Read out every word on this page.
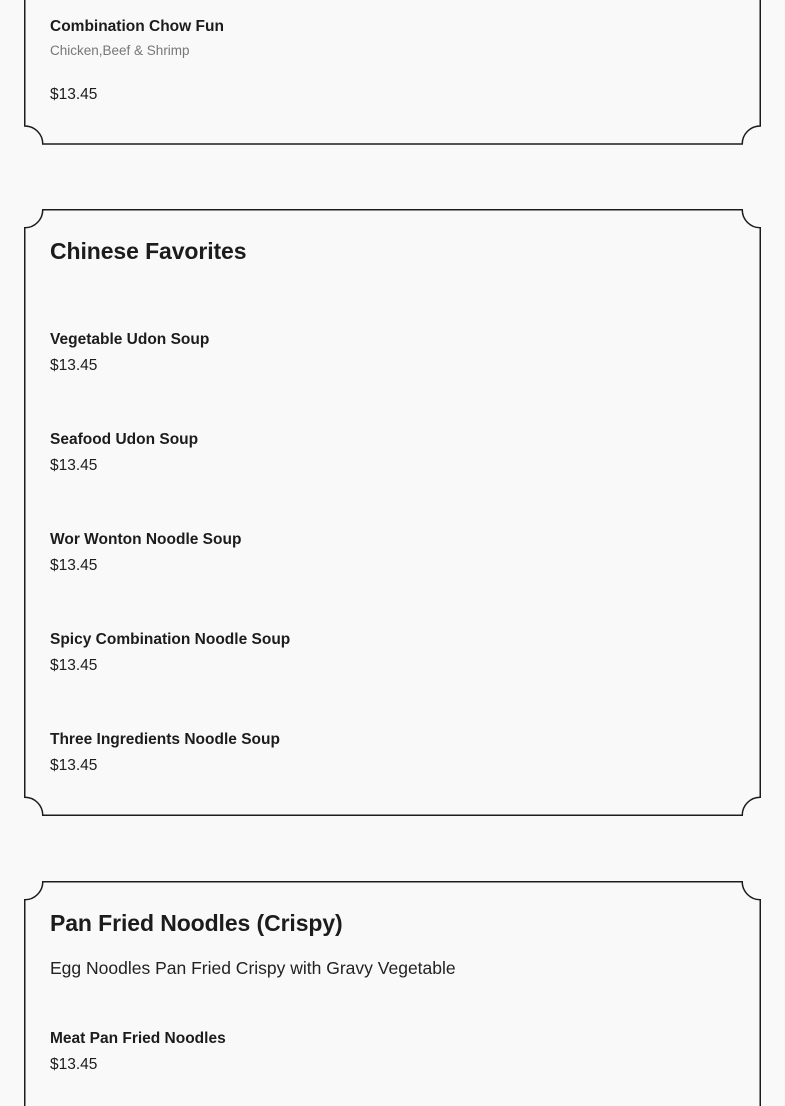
Combination Chow Fun
Chicken,Beef & Shrimp
$13.45
Chinese Favorites
Vegetable Udon Soup
$13.45
Seafood Udon Soup
$13.45
Wor Wonton Noodle Soup
$13.45
Spicy Combination Noodle Soup
$13.45
Three Ingredients Noodle Soup
$13.45
Pan Fried Noodles (Crispy)

Egg Noodles Pan Fried Crispy with Gravy Vegetable

Meat Pan Fried Noodles
$13.45
